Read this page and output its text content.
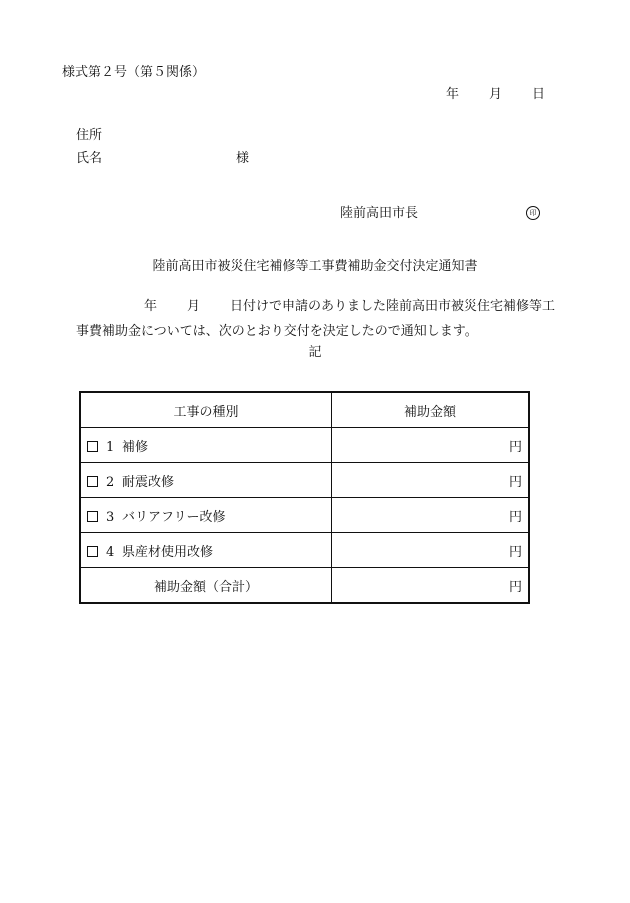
様式第２号（第５関係）
年 月 日
住所
氏名	様
陸前高田市長	印
陸前高田市被災住宅補修等工事費補助金交付決定通知書
年 月 日付けで申請のありました陸前高田市被災住宅補修等工
事費補助金については、次のとおり交付を決定したので通知します。
記
工事の種別	補助金額
1 補修	円
2 耐震改修	円
3 バリアフリー改修	円
4 県産材使用改修	円
補助金額（合計）	円
